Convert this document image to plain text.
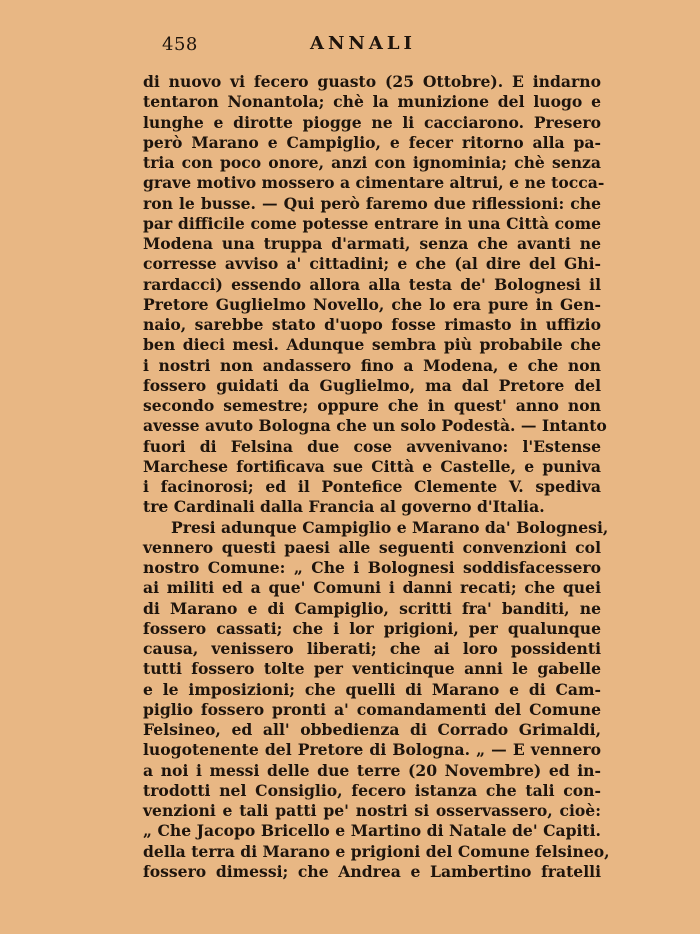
458	ANNALI
di nuovo vi fecero guasto (25 Ottobre). E indarno
tentaron Nonantola; chè la munizione del luogo e
lunghe e dirotte piogge ne li cacciarono. Presero
però Marano e Campiglio, e fecer ritorno alla pa-
tria con poco onore, anzi con ignominia; chè senza
grave motivo mossero a cimentare altrui, e ne tocca-
ron le busse. — Qui però faremo due riflessioni: che
par difficile come potesse entrare in una Città come
Modena una truppa d'armati, senza che avanti ne
corresse avviso a' cittadini; e che (al dire del Ghi-
rardacci) essendo allora alla testa de' Bolognesi il
Pretore Guglielmo Novello, che lo era pure in Gen-
naio, sarebbe stato d'uopo fosse rimasto in uffizio
ben dieci mesi. Adunque sembra più probabile che
i nostri non andassero fino a Modena, e che non
fossero guidati da Guglielmo, ma dal Pretore del
secondo semestre; oppure che in quest' anno non
avesse avuto Bologna che un solo Podestà. — Intanto
fuori di Felsina due cose avvenivano: l'Estense
Marchese fortificava sue Città e Castelle, e puniva
i facinorosi; ed il Pontefice Clemente V. spediva
tre Cardinali dalla Francia al governo d'Italia.
Presi adunque Campiglio e Marano da' Bolognesi,
vennero questi paesi alle seguenti convenzioni col
nostro Comune: „ Che i Bolognesi soddisfacessero
ai militi ed a que' Comuni i danni recati; che quei
di Marano e di Campiglio, scritti fra' banditi, ne
fossero cassati; che i lor prigioni, per qualunque
causa, venissero liberati; che ai loro possidenti
tutti fossero tolte per venticinque anni le gabelle
e le imposizioni; che quelli di Marano e di Cam-
piglio fossero pronti a' comandamenti del Comune
Felsineo, ed all' obbedienza di Corrado Grimaldi,
luogotenente del Pretore di Bologna. „ — E vennero
a noi i messi delle due terre (20 Novembre) ed in-
trodotti nel Consiglio, fecero istanza che tali con-
venzioni e tali patti pe' nostri si osservassero, cioè:
„ Che Jacopo Bricello e Martino di Natale de' Capiti.
della terra di Marano e prigioni del Comune felsineo,
fossero dimessi; che Andrea e Lambertino fratelli
